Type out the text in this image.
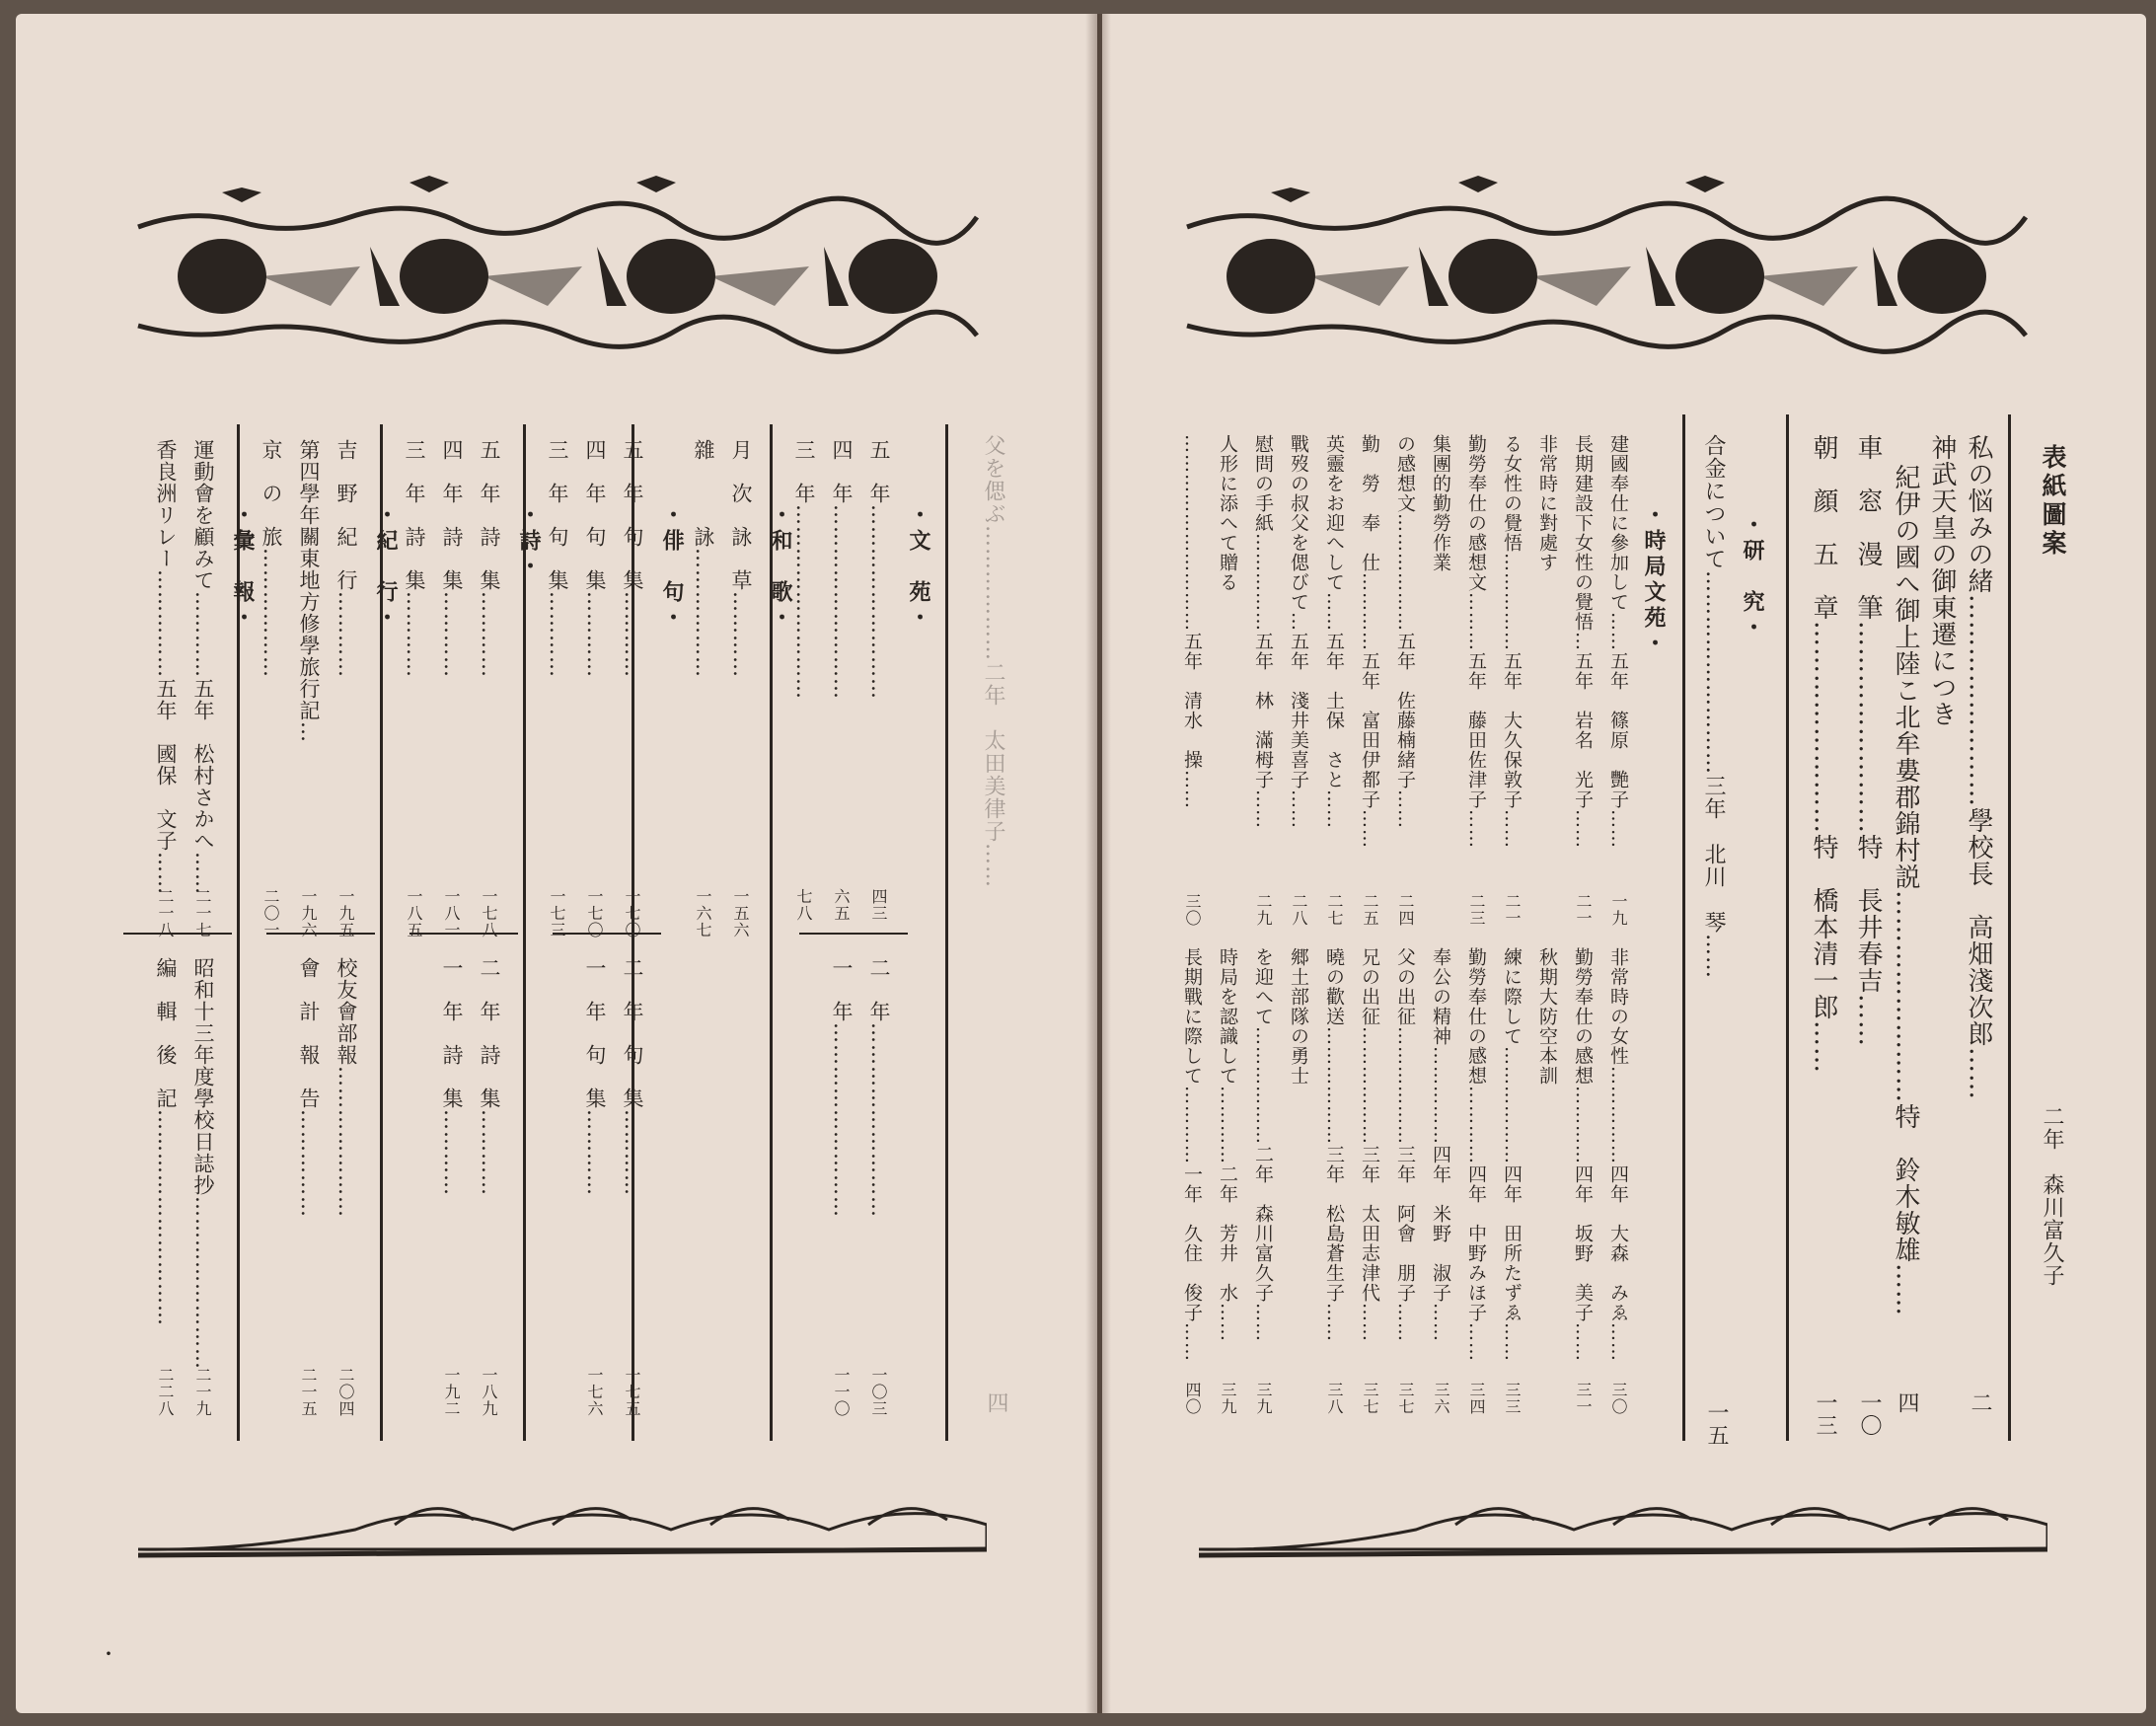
表紙圖案
二年　森川富久子
私の悩みの緒……………………學校長　高畑淺次郎……
二
神武天皇の御東遷につき
紀伊の國へ御上陸こ北牟婁郡錦村説……………………特　鈴木敏雄……
四
車　窓　漫　筆……………………特　長井春吉……
一〇
朝　顔　五　章……………………特　橋本清一郎……
一三
・研　究・
合金について………………………三年　北川　琴……
一五
・時局文苑・
建國奉仕に參加して……五年　篠原　艷子……
一九
長期建設下女性の覺悟…五年　岩名　光子……
二一
非常時に對處す
る女性の覺悟……………五年　大久保敦子……
二一
勤勞奉仕の感想文………五年　藤田佐津子……
二三
集團的勤勞作業
の感想文………………五年　佐藤楠緒子……
二四
勤　勞　奉　仕…………五年　富田伊都子……
二五
英靈をお迎へして……五年　土保　さと……
二七
戰歿の叔父を偲びて…五年　淺井美喜子……
二八
慰問の手紙……………五年　林　滿栂子……
二九
人形に添へて贈る
…………………………五年　清水　操……
三〇
非常時の女性……………四年　大森　みゑ……
三〇
勤勞奉仕の感想…………四年　坂野　美子……
三一
秋期大防空本訓
練に際して………………四年　田所たずゑ……
三三
勤勞奉仕の感想…………四年　中野みほ子……
三四
奉公の精神……………四年　米野　淑子……
三六
父の出征………………三年　阿會　朋子……
三七
兄の出征………………三年　太田志津代……
三七
曉の歡送………………三年　松島蒼生子……
三八
郷土部隊の勇士
を迎へて………………二年　森川富久子……
三九
時局を認識して…………二年　芳井　水……
三九
長期戰に際して…………一年　久住　俊子……
四〇
父を偲ぶ………………二年　太田美律子……
四
・文　苑・
五　年………………………
四三
四　年………………………
六五
三　年………………………
七八
二　年………………………
一〇三
一　年………………………
一一〇
・和　歌・
月　次　詠　草…………
一五六
雜　　　詠………………
一六七
・俳　句・
五　年　句　集…………
一七〇
四　年　句　集…………
一七〇
三　年　句　集…………
一七三
二　年　句　集…………
一七五
一　年　句　集…………
一七六
・詩・
五　年　詩　集…………
一七八
四　年　詩　集…………
一八一
三　年　詩　集…………
一八五
二　年　詩　集…………
一八九
一　年　詩　集…………
一九二
・紀　行・
吉　野　紀　行…………
一九五
第四學年關東地方修學旅行記…
一九六
京　の　旅………………
二〇一
校友會部報…………………
二〇四
會　計　報　告……………
二一五
・彙　報・
運動會を顧みて…………五年　松村さかへ……
二一七
香良洲リレー……………五年　國保　文子……
二一八
昭和十三年度學校日誌抄……………………
二一九
編　輯　後　記…………………………
二二八
・
